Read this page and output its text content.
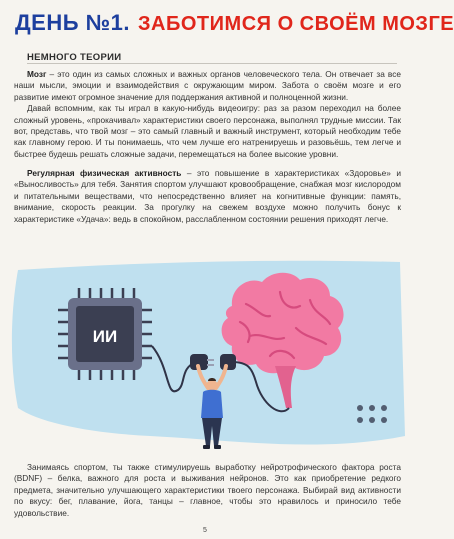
ДЕНЬ №1. ЗАБОТИМСЯ О СВОЁМ МОЗГЕ
НЕМНОГО ТЕОРИИ

Мозг – это один из самых сложных и важных органов человеческого тела. Он отвечает за все наши мысли, эмоции и взаимодействия с окружающим миром. Забота о своём мозге и его развитие имеют огромное значение для поддержания активной и полноценной жизни.

Давай вспомним, как ты играл в какую-нибудь видеоигру: раз за разом переходил на более сложный уровень, «прокачивал» характеристики своего персонажа, выполнял трудные миссии. Так вот, представь, что твой мозг – это самый главный и важный инструмент, который необходим тебе как главному герою. И ты понимаешь, что чем лучше его натренируешь и разовьёшь, тем легче и быстрее будешь решать сложные задачи, перемещаться на более высокие уровни.

Регулярная физическая активность – это повышение в характеристиках «Здоровье» и «Выносливость» для тебя. Занятия спортом улучшают кровообращение, снабжая мозг кислородом и питательными веществами, что непосредственно влияет на когнитивные функции: память, внимание, скорость реакции. За прогулку на свежем воздухе можно получить бонус к характеристике «Удача»: ведь в спокойном, расслабленном состоянии решения приходят легче.

ИИ

Занимаясь спортом, ты также стимулируешь выработку нейротрофического фактора роста (BDNF) – белка, важного для роста и выживания нейронов. Это как приобретение редкого предмета, значительно улучшающего характеристики твоего персонажа. Выбирай вид активности по вкусу: бег, плавание, йога, танцы – главное, чтобы это нравилось и приносило тебе удовольствие.

5
